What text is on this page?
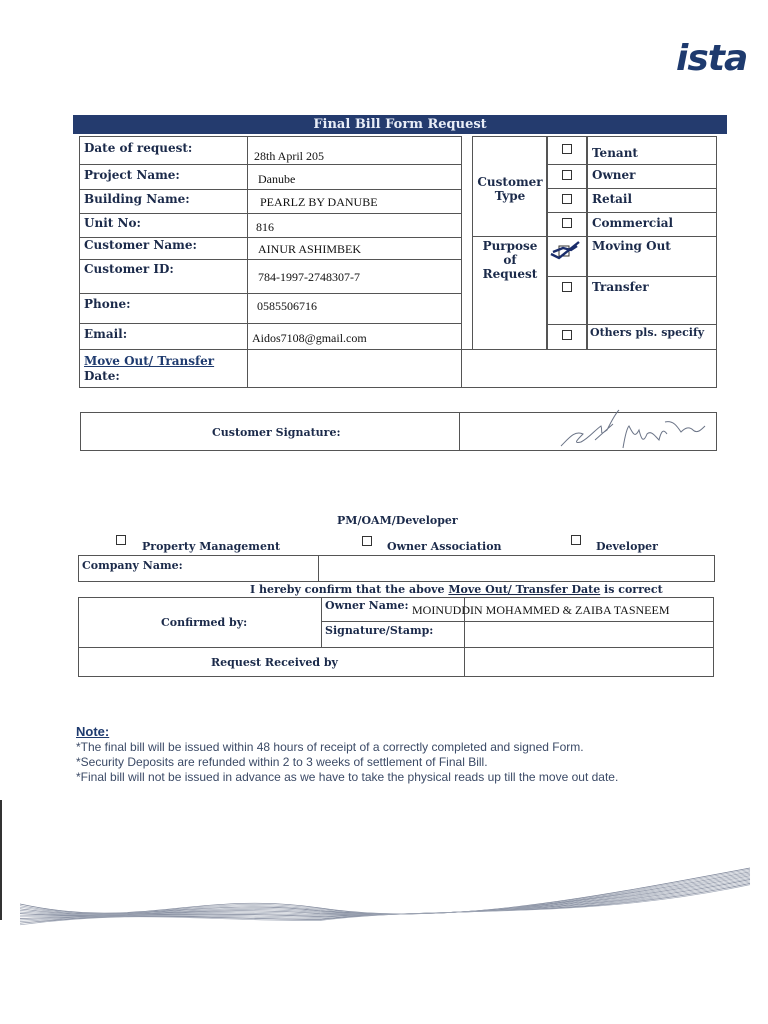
ista
Final Bill Form Request
Date of request:
28th April 205
Project Name:	Danube
Building Name:	PEARLZ BY DANUBE
Unit No:	816
Customer Name:	AINUR ASHIMBEK
Customer ID:
784-1997-2748307-7
Phone:	0585506716
Email:	Aidos7108@gmail.com
Move Out/ Transfer
Date:
Customer
Type
Purpose of
Request
Tenant
Owner
Retail
Commercial
Moving Out
Transfer
Others pls. specify
Customer Signature:
PM/OAM/Developer
Property Management	Owner Association	Developer
Company Name:
I hereby confirm that the above Move Out/ Transfer Date is correct
Confirmed by:
Owner Name: MOINUDDIN MOHAMMED & ZAIBA TASNEEM
Signature/Stamp:
Request Received by
Note:
*The final bill will be issued within 48 hours of receipt of a correctly completed and signed Form.
*Security Deposits are refunded within 2 to 3 weeks of settlement of Final Bill.
*Final bill will not be issued in advance as we have to take the physical reads up till the move out date.
